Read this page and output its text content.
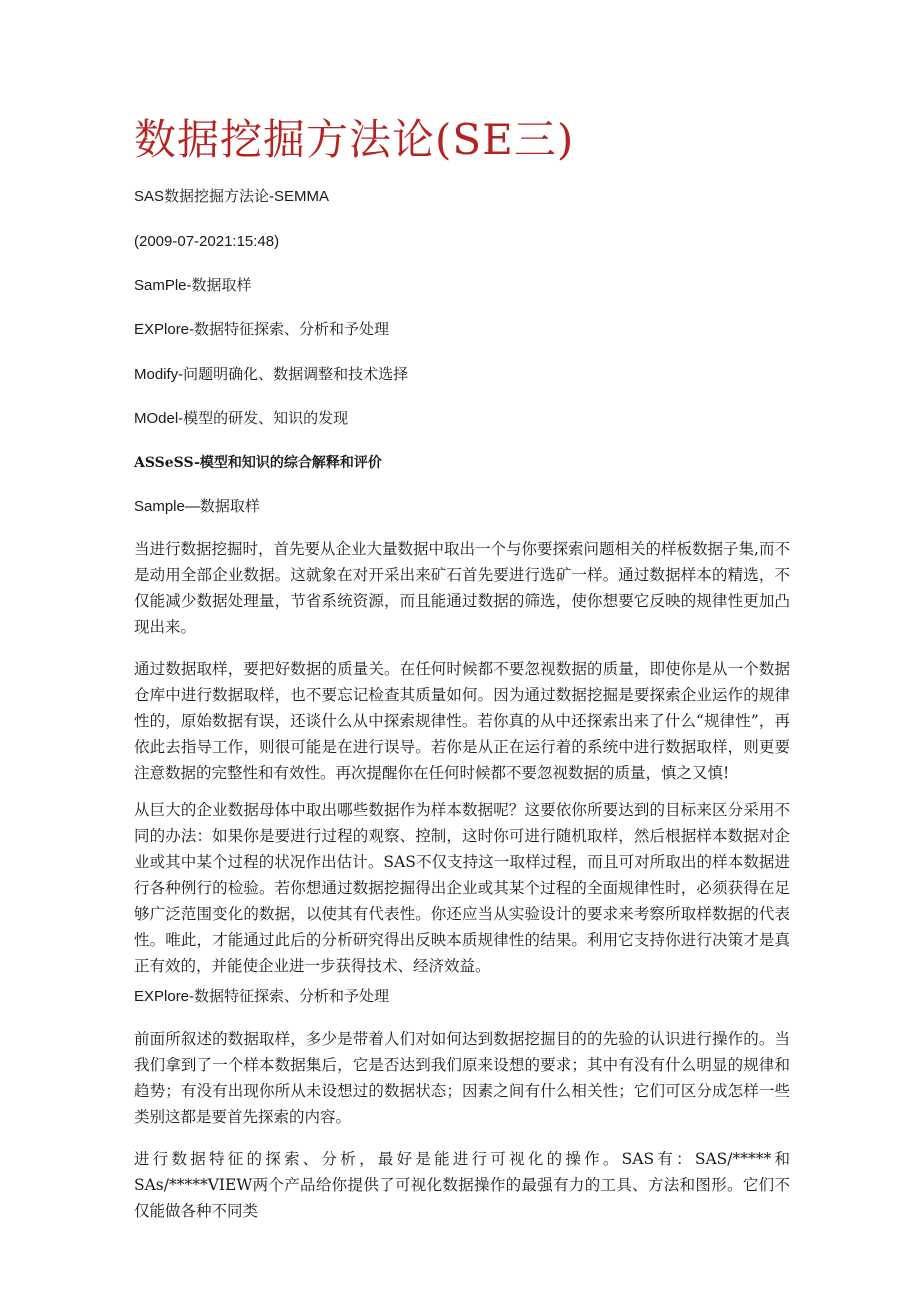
数据挖掘方法论(SE三)
SAS数据挖掘方法论-SEMMA
(2009-07-2021:15:48)
SamPle-数据取样
EXPlore-数据特征探索、分析和予处理
Modify-问题明确化、数据调整和技术选择
MOdel-模型的研发、知识的发现
ASSeSS-模型和知识的综合解释和评价
Sample—数据取样
当进行数据挖掘时，首先要从企业大量数据中取出一个与你要探索问题相关的样板数据子集,而不是动用全部企业数据。这就象在对开采出来矿石首先要进行选矿一样。通过数据样本的精选，不仅能减少数据处理量，节省系统资源，而且能通过数据的筛选，使你想要它反映的规律性更加凸现出来。
通过数据取样，要把好数据的质量关。在任何时候都不要忽视数据的质量，即使你是从一个数据仓库中进行数据取样，也不要忘记检查其质量如何。因为通过数据挖掘是要探索企业运作的规律性的，原始数据有误，还谈什么从中探索规律性。若你真的从中还探索出来了什么“规律性”，再依此去指导工作，则很可能是在进行误导。若你是从正在运行着的系统中进行数据取样，则更要注意数据的完整性和有效性。再次提醒你在任何时候都不要忽视数据的质量，慎之又慎!
从巨大的企业数据母体中取出哪些数据作为样本数据呢？这要依你所要达到的目标来区分采用不同的办法：如果你是要进行过程的观察、控制，这时你可进行随机取样，然后根据样本数据对企业或其中某个过程的状况作出估计。SAS不仅支持这一取样过程，而且可对所取出的样本数据进行各种例行的检验。若你想通过数据挖掘得出企业或其某个过程的全面规律性时，必须获得在足够广泛范围变化的数据，以使其有代表性。你还应当从实验设计的要求来考察所取样数据的代表性。唯此，才能通过此后的分析研究得出反映本质规律性的结果。利用它支持你进行决策才是真正有效的，并能使企业进一步获得技术、经济效益。
EXPlore-数据特征探索、分析和予处理
前面所叙述的数据取样，多少是带着人们对如何达到数据挖掘目的的先验的认识进行操作的。当我们拿到了一个样本数据集后，它是否达到我们原来设想的要求；其中有没有什么明显的规律和趋势；有没有出现你所从未设想过的数据状态；因素之间有什么相关性；它们可区分成怎样一些类别这都是要首先探索的内容。
进行数据特征的探索、分析，最好是能进行可视化的操作。SAS有：SAS/*****和SAs/*****VIEW两个产品给你提供了可视化数据操作的最强有力的工具、方法和图形。它们不仅能做各种不同类
